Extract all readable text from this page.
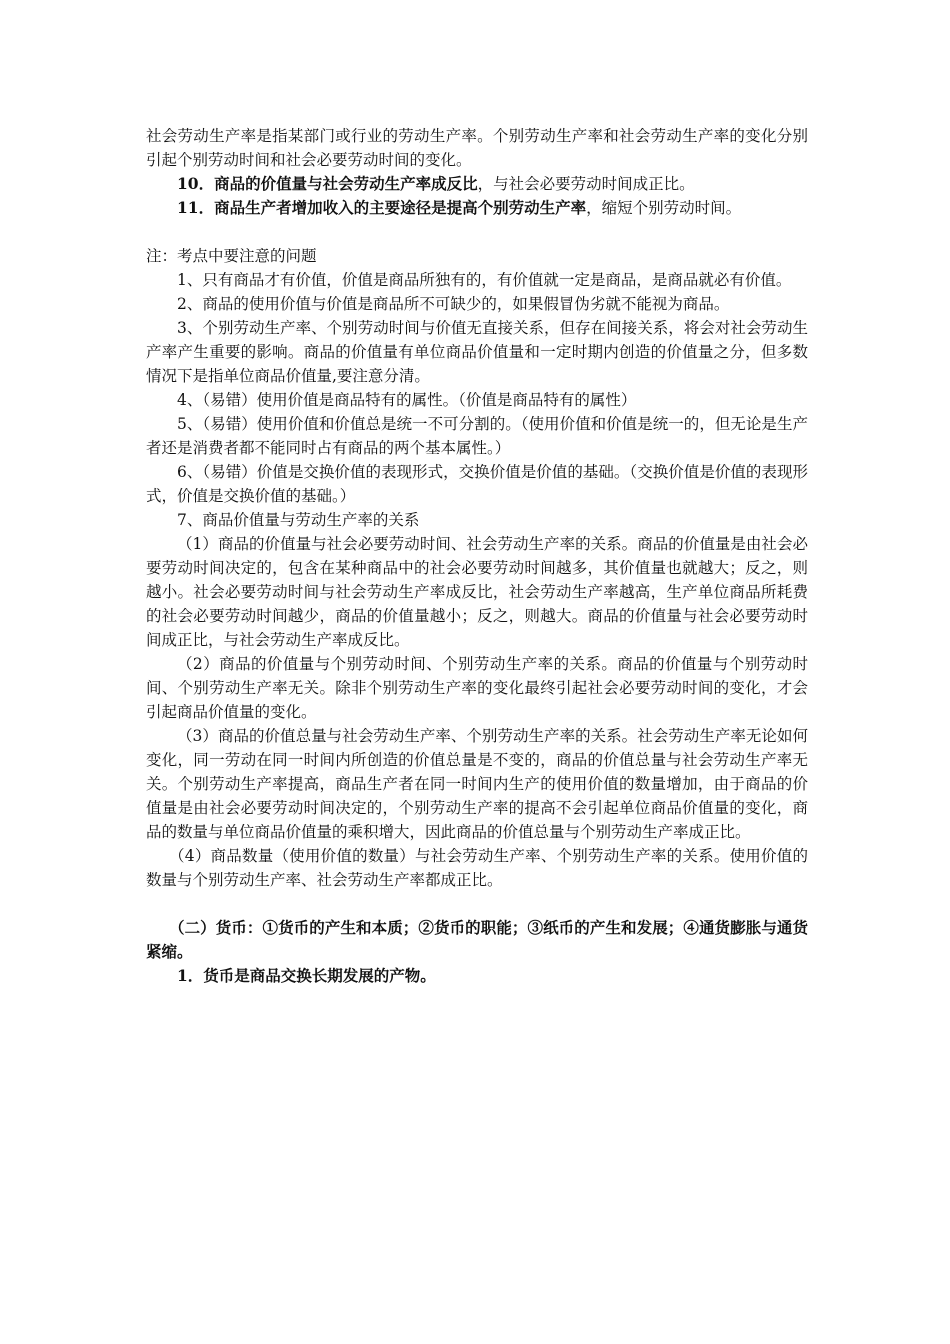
社会劳动生产率是指某部门或行业的劳动生产率。个别劳动生产率和社会劳动生产率的变化分别引起个别劳动时间和社会必要劳动时间的变化。

10．商品的价值量与社会劳动生产率成反比，与社会必要劳动时间成正比。

11．商品生产者增加收入的主要途径是提高个别劳动生产率，缩短个别劳动时间。

注：考点中要注意的问题

1、只有商品才有价值，价值是商品所独有的，有价值就一定是商品，是商品就必有价值。

2、商品的使用价值与价值是商品所不可缺少的，如果假冒伪劣就不能视为商品。

3、个别劳动生产率、个别劳动时间与价值无直接关系，但存在间接关系，将会对社会劳动生产率产生重要的影响。商品的价值量有单位商品价值量和一定时期内创造的价值量之分，但多数情况下是指单位商品价值量,要注意分清。

4、（易错）使用价值是商品特有的属性。（价值是商品特有的属性）

5、（易错）使用价值和价值总是统一不可分割的。（使用价值和价值是统一的，但无论是生产者还是消费者都不能同时占有商品的两个基本属性。）

6、（易错）价值是交换价值的表现形式，交换价值是价值的基础。（交换价值是价值的表现形式，价值是交换价值的基础。）

7、商品价值量与劳动生产率的关系

（1）商品的价值量与社会必要劳动时间、社会劳动生产率的关系。商品的价值量是由社会必要劳动时间决定的，包含在某种商品中的社会必要劳动时间越多，其价值量也就越大；反之，则越小。社会必要劳动时间与社会劳动生产率成反比，社会劳动生产率越高，生产单位商品所耗费的社会必要劳动时间越少，商品的价值量越小；反之，则越大。商品的价值量与社会必要劳动时间成正比，与社会劳动生产率成反比。

（2）商品的价值量与个别劳动时间、个别劳动生产率的关系。商品的价值量与个别劳动时间、个别劳动生产率无关。除非个别劳动生产率的变化最终引起社会必要劳动时间的变化，才会引起商品价值量的变化。

（3）商品的价值总量与社会劳动生产率、个别劳动生产率的关系。社会劳动生产率无论如何变化，同一劳动在同一时间内所创造的价值总量是不变的，商品的价值总量与社会劳动生产率无关。个别劳动生产率提高，商品生产者在同一时间内生产的使用价值的数量增加，由于商品的价值量是由社会必要劳动时间决定的，个别劳动生产率的提高不会引起单位商品价值量的变化，商品的数量与单位商品价值量的乘积增大，因此商品的价值总量与个别劳动生产率成正比。

（4）商品数量（使用价值的数量）与社会劳动生产率、个别劳动生产率的关系。使用价值的数量与个别劳动生产率、社会劳动生产率都成正比。

（二）货币：①货币的产生和本质；②货币的职能；③纸币的产生和发展；④通货膨胀与通货紧缩。

1．货币是商品交换长期发展的产物。
